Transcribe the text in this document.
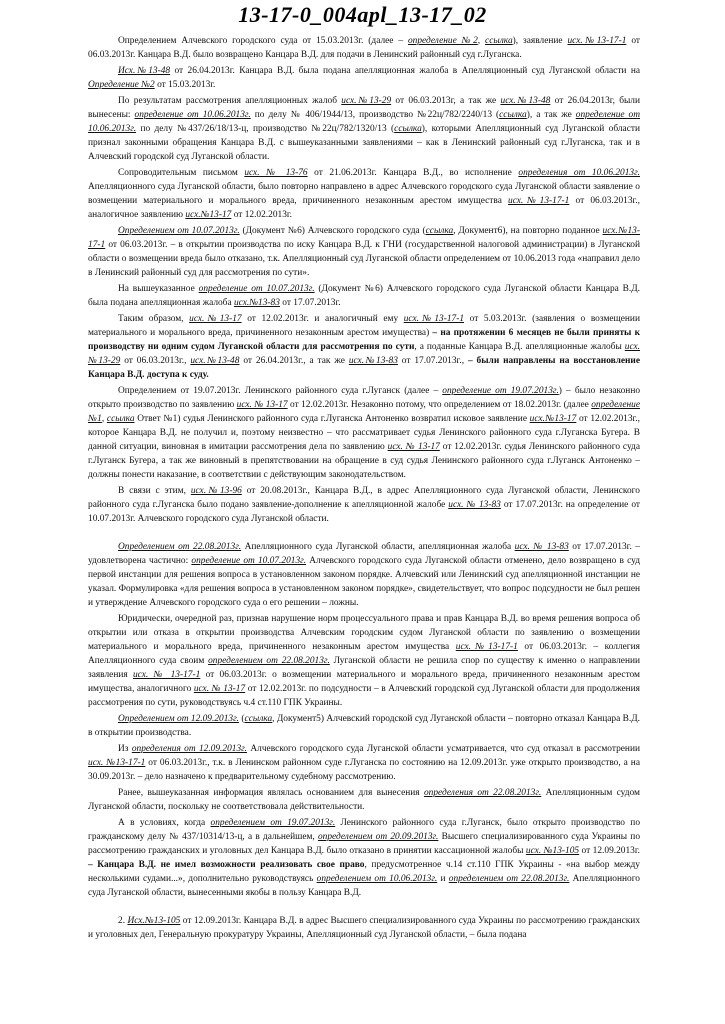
13-17-0_004apl_13-17_02

Определением Алчевского городского суда от 15.03.2013г. (далее – определение №2, ссылка), заявление исх.№13-17-1 от 06.03.2013г. Канцара В.Д. было возвращено Канцара В.Д. для подачи в Ленинский районный суд г.Луганска.

Исх.№13-48 от 26.04.2013г. Канцара В.Д. была подана апелляционная жалоба в Апелляционный суд Луганской области на Определение №2 от 15.03.2013г.

По результатам рассмотрения апелляционных жалоб исх.№13-29 от 06.03.2013г, а так же исх.№13-48 от 26.04.2013г, были вынесены: определение от 10.06.2013г. по делу № 406/1944/13, производство №22ц/782/2240/13 (ссылка), а так же определение от 10.06.2013г. по делу №437/26/18/13-ц, производство №22ц/782/1320/13 (ссылка), которыми Апелляционный суд Луганской области признал законными обращения Канцара В.Д. с вышеуказанными заявлениями – как в Ленинский районный суд г.Луганска, так и в Алчевский городской суд Луганской области.

Сопроводительным письмом исх. № 13-76 от 21.06.2013г. Канцара В.Д., во исполнение определения от 10.06.2013г. Апелляционного суда Луганской области, было повторно направлено в адрес Алчевского городского суда Луганской области заявление о возмещении материального и морального вреда, причиненного незаконным арестом имущества исх.№13-17-1 от 06.03.2013г., аналогичное заявлению исх.№13-17 от 12.02.2013г.

Определением от 10.07.2013г. (Документ №6) Алчевского городского суда (ссылка, Документ6), на повторно поданное исх.№13-17-1 от 06.03.2013г. – в открытии производства по иску Канцара В.Д. к ГНИ (государственной налоговой администрации) в Луганской области о возмещении вреда было отказано, т.к. Апелляционный суд Луганской области определением от 10.06.2013 года «направил дело в Ленинский районный суд для рассмотрения по сути».

На вышеуказанное определение от 10.07.2013г. (Документ №6) Алчевского городского суда Луганской области Канцара В.Д. была подана апелляционная жалоба исх.№13-83 от 17.07.2013г.

Таким образом, исх.№13-17 от 12.02.2013г. и аналогичный ему исх.№13-17-1 от 5.03.2013г. (заявления о возмещении материального и морального вреда, причиненного незаконным арестом имущества) – на протяжении 6 месяцев не были приняты к производству ни одним судом Луганской области для рассмотрения по сути, а поданные Канцара В.Д. апелляционные жалобы исх.№13-29 от 06.03.2013г., исх.№13-48 от 26.04.2013г., а так же исх.№13-83 от 17.07.2013г., – были направлены на восстановление Канцара В.Д. доступа к суду.

Определением от 19.07.2013г. Ленинского районного суда г.Луганск (далее – определение от 19.07.2013г.) – было незаконно открыто производство по заявлению исх. № 13-17 от 12.02.2013г. Незаконно потому, что определением от 18.02.2013г. (далее определение №1, ссылка Ответ №1) судья Ленинского районного суда г.Луганска Антоненко возвратил исковое заявление исх.№13-17 от 12.02.2013г., которое Канцара В.Д. не получил и, поэтому неизвестно – что рассматривает судья Ленинского районного суда г.Луганска Бугера. В данной ситуации, виновная в имитации рассмотрения дела по заявлению исх. № 13-17 от 12.02.2013г. судья Ленинского районного суда г.Луганск Бугера, а так же виновный в препятствовании на обращение в суд судья Ленинского районного суда г.Луганск Антоненко – должны понести наказание, в соответствии с действующим законодательством.

В связи с этим, исх.№13-96 от 20.08.2013г., Канцара В.Д., в адрес Апелляционного суда Луганской области, Ленинского районного суда г.Луганска было подано заявление-дополнение к апелляционной жалобе исх. № 13-83 от 17.07.2013г. на определение от 10.07.2013г. Алчевского городского суда Луганской области.

Определением от 22.08.2013г. Апелляционного суда Луганской области, апелляционная жалоба исх. № 13-83 от 17.07.2013г. – удовлетворена частично: определение от 10.07.2013г. Алчевского городского суда Луганской области отменено, дело возвращено в суд первой инстанции для решения вопроса в установленном законом порядке. Алчевский или Ленинский суд апелляционной инстанции не указал. Формулировка «для решения вопроса в установленном законом порядке», свидетельствует, что вопрос подсудности не был решен и утверждение Алчевского городского суда о его решении – ложны.

Юридически, очередной раз, признав нарушение норм процессуального права и прав Канцара В.Д. во время решения вопроса об открытии или отказа в открытии производства Алчевским городским судом Луганской области по заявлению о возмещении материального и морального вреда, причиненного незаконным арестом имущества исх.№13-17-1 от 06.03.2013г. – коллегия Апелляционного суда своим определением от 22.08.2013г. Луганской области не решила спор по существу к именно о направлении заявления исх. № 13-17-1 от 06.03.2013г. о возмещении материального и морального вреда, причиненного незаконным арестом имущества, аналогичного исх. № 13-17 от 12.02.2013г. по подсудности – в Алчевский городской суд Луганской области для продолжения рассмотрения по сути, руководствуясь ч.4 ст.110 ГПК Украины.

Определением от 12.09.2013г. (ссылка, Документ5) Алчевский городской суд Луганской области – повторно отказал Канцара В.Д. в открытии производства.

Из определения от 12.09.2013г. Алчевского городского суда Луганской области усматривается, что суд отказал в рассмотрении исх. №13-17-1 от 06.03.2013г., т.к. в Ленинском районном суде г.Луганска по состоянию на 12.09.2013г. уже открыто производство, а на 30.09.2013г. – дело назначено к предварительному судебному рассмотрению.

Ранее, вышеуказанная информация являлась основанием для вынесения определения от 22.08.2013г. Апелляционным судом Луганской области, поскольку не соответствовала действительности.

А в условиях, когда определением от 19.07.2013г. Ленинского районного суда г.Луганск, было открыто производство по гражданскому делу № 437/10314/13-ц, а в дальнейшем, определением от 20.09.2013г. Высшего специализированного суда Украины по рассмотрению гражданских и уголовных дел Канцара В.Д. было отказано в принятии кассационной жалобы исх. №13-105 от 12.09.2013г. – Канцара В.Д. не имел возможности реализовать свое право, предусмотренное ч.14 ст.110 ГПК Украины - «на выбор между несколькими судами...», дополнительно руководствуясь определением от 10.06.2013г. и определением от 22.08.2013г. Апелляционного суда Луганской области, вынесенными якобы в пользу Канцара В.Д.

2. Исх.№13-105 от 12.09.2013г. Канцара В.Д. в адрес Высшего специализированного суда Украины по рассмотрению гражданских и уголовных дел, Генеральную прокуратуру Украины, Апелляционный суд Луганской области, – была подана
